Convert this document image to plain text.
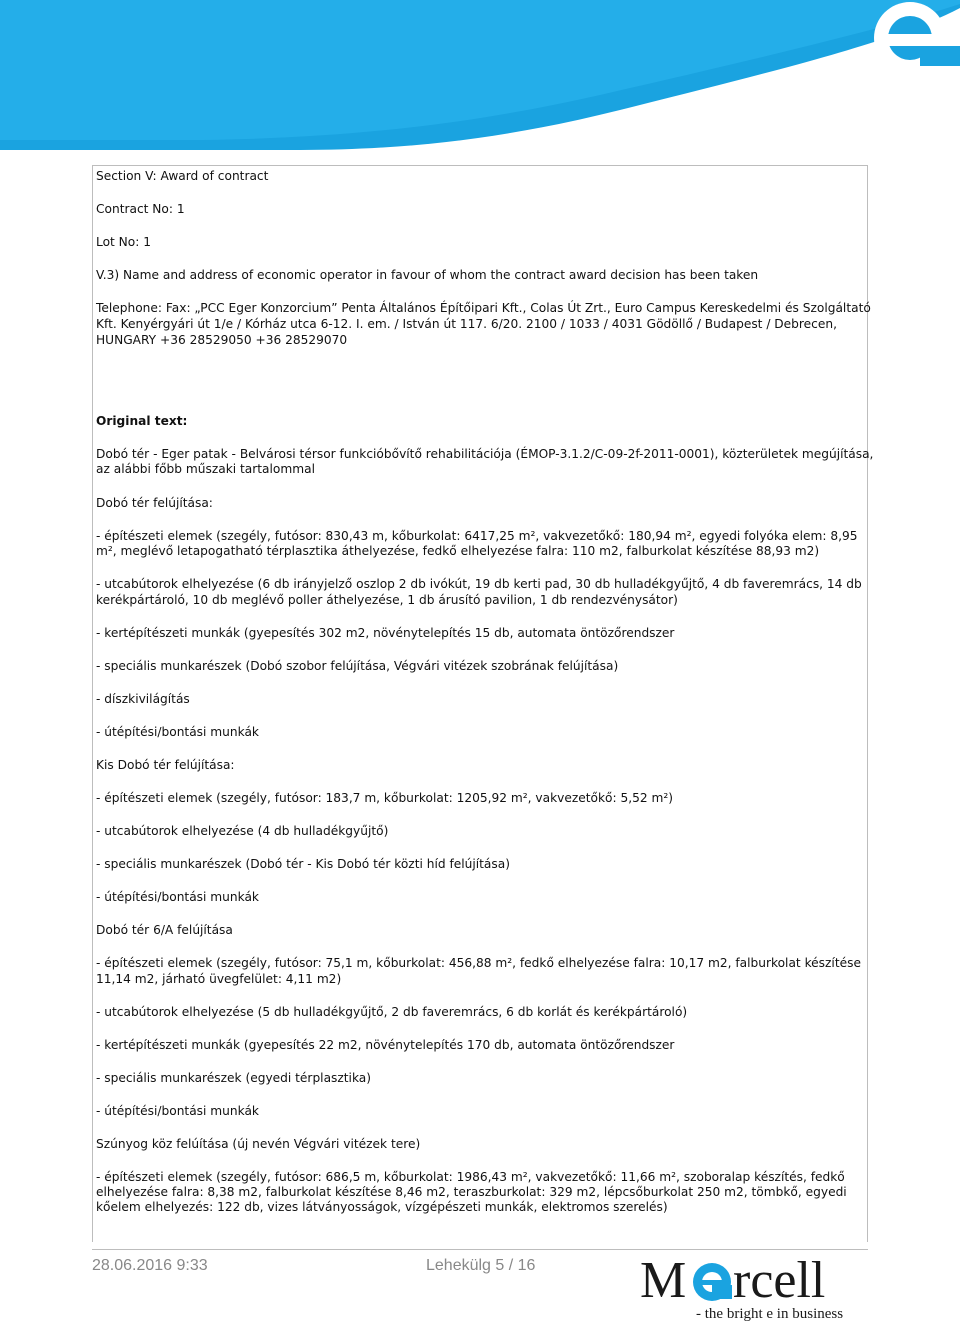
Section V: Award of contract

Contract No: 1

Lot No: 1

V.3) Name and address of economic operator in favour of whom the contract award decision has been taken

Telephone: Fax: „PCC Eger Konzorcium” Penta Általános Építőipari Kft., Colas Út Zrt., Euro Campus Kereskedelmi és Szolgáltató

Kft. Kenyérgyári út 1/e / Kórház utca 6-12. I. em. / István út 117. 6/20. 2100 / 1033 / 4031 Gödöllő / Budapest / Debrecen,

HUNGARY +36 28529050 +36 28529070

Original text:

Dobó tér - Eger patak - Belvárosi térsor funkcióbővítő rehabilitációja (ÉMOP-3.1.2/C-09-2f-2011-0001), közterületek megújítása,

az alábbi főbb műszaki tartalommal

Dobó tér felújítása:

- építészeti elemek (szegély, futósor: 830,43 m, kőburkolat: 6417,25 m², vakvezetőkő: 180,94 m², egyedi folyóka elem: 8,95

m², meglévő letapogatható térplasztika áthelyezése, fedkő elhelyezése falra: 110 m2, falburkolat készítése 88,93 m2)

- utcabútorok elhelyezése (6 db irányjelző oszlop 2 db ivókút, 19 db kerti pad, 30 db hulladékgyűjtő, 4 db faveremrács, 14 db

kerékpártároló, 10 db meglévő poller áthelyezése, 1 db árusító pavilion, 1 db rendezvénysátor)

- kertépítészeti munkák (gyepesítés 302 m2, növénytelepítés 15 db, automata öntözőrendszer

- speciális munkarészek (Dobó szobor felújítása, Végvári vitézek szobrának felújítása)

- díszkivilágítás

- útépítési/bontási munkák

Kis Dobó tér felújítása:

- építészeti elemek (szegély, futósor: 183,7 m, kőburkolat: 1205,92 m², vakvezetőkő: 5,52 m²)

- utcabútorok elhelyezése (4 db hulladékgyűjtő)

- speciális munkarészek (Dobó tér - Kis Dobó tér közti híd felújítása)

- útépítési/bontási munkák

Dobó tér 6/A felújítása

- építészeti elemek (szegély, futósor: 75,1 m, kőburkolat: 456,88 m², fedkő elhelyezése falra: 10,17 m2, falburkolat készítése

11,14 m2, járható üvegfelület: 4,11 m2)

- utcabútorok elhelyezése (5 db hulladékgyűjtő, 2 db faveremrács, 6 db korlát és kerékpártároló)

- kertépítészeti munkák (gyepesítés 22 m2, növénytelepítés 170 db, automata öntözőrendszer

- speciális munkarészek (egyedi térplasztika)

- útépítési/bontási munkák

Szúnyog köz felúítása (új nevén Végvári vitézek tere)

- építészeti elemek (szegély, futósor: 686,5 m, kőburkolat: 1986,43 m², vakvezetőkő: 11,66 m², szoboralap készítés, fedkő

elhelyezése falra: 8,38 m2, falburkolat készítése 8,46 m2, teraszburkolat: 329 m2, lépcsőburkolat 250 m2, tömbkő, egyedi

kőelem elhelyezés: 122 db, vizes látványosságok, vízgépészeti munkák, elektromos szerelés)

28.06.2016 9:33	Lehekülg 5 / 16 M rcell
- the bright e in business
